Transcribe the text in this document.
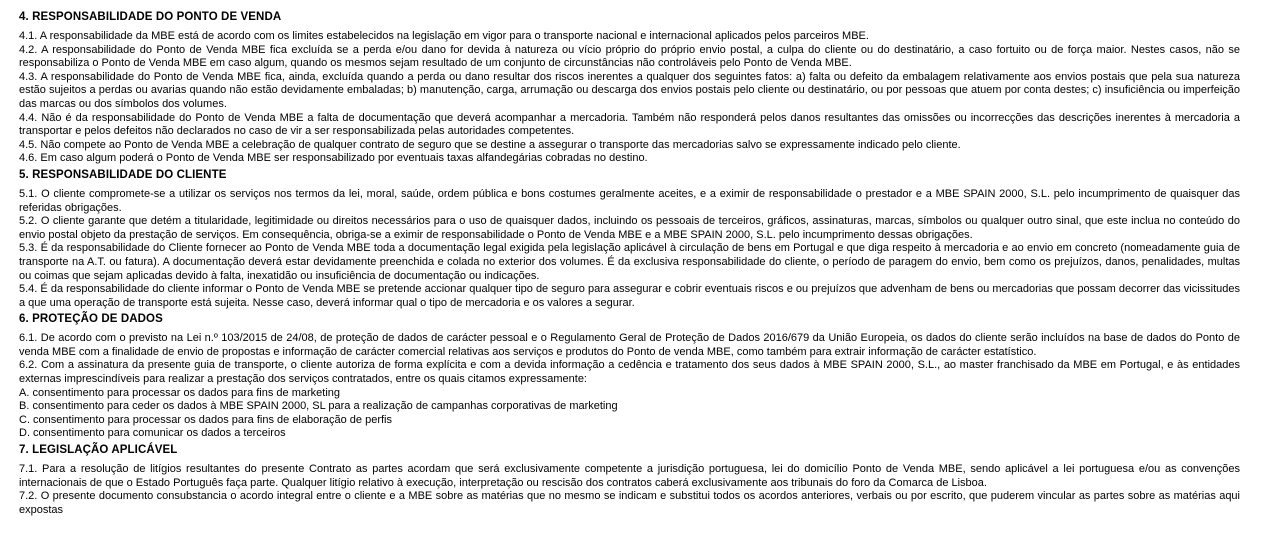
4. RESPONSABILIDADE DO PONTO DE VENDA

4.1. A responsabilidade da MBE está de acordo com os limites estabelecidos na legislação em vigor para o transporte nacional e internacional aplicados pelos parceiros MBE.

4.2. A responsabilidade do Ponto de Venda MBE fica excluída se a perda e/ou dano for devida à natureza ou vício próprio do próprio envio postal, a culpa do cliente ou do destinatário, a caso fortuito ou de força maior. Nestes casos, não se responsabiliza o Ponto de Venda MBE em caso algum, quando os mesmos sejam resultado de um conjunto de circunstâncias não controláveis pelo Ponto de Venda MBE.

4.3. A responsabilidade do Ponto de Venda MBE fica, ainda, excluída quando a perda ou dano resultar dos riscos inerentes a qualquer dos seguintes fatos: a) falta ou defeito da embalagem relativamente aos envios postais que pela sua natureza estão sujeitos a perdas ou avarias quando não estão devidamente embaladas; b) manutenção, carga, arrumação ou descarga dos envios postais pelo cliente ou destinatário, ou por pessoas que atuem por conta destes; c) insuficiência ou imperfeição das marcas ou dos símbolos dos volumes.

4.4. Não é da responsabilidade do Ponto de Venda MBE a falta de documentação que deverá acompanhar a mercadoria. Também não responderá pelos danos resultantes das omissões ou incorrecções das descrições inerentes à mercadoria a transportar e pelos defeitos não declarados no caso de vir a ser responsabilizada pelas autoridades competentes.

4.5. Não compete ao Ponto de Venda MBE a celebração de qualquer contrato de seguro que se destine a assegurar o transporte das mercadorias salvo se expressamente indicado pelo cliente.

4.6. Em caso algum poderá o Ponto de Venda MBE ser responsabilizado por eventuais taxas alfandegárias cobradas no destino.

5. RESPONSABILIDADE DO CLIENTE

5.1. O cliente compromete-se a utilizar os serviços nos termos da lei, moral, saúde, ordem pública e bons costumes geralmente aceites, e a eximir de responsabilidade o prestador e a MBE SPAIN 2000, S.L. pelo incumprimento de quaisquer das referidas obrigações.

5.2. O cliente garante que detém a titularidade, legitimidade ou direitos necessários para o uso de quaisquer dados, incluindo os pessoais de terceiros, gráficos, assinaturas, marcas, símbolos ou qualquer outro sinal, que este inclua no conteúdo do envio postal objeto da prestação de serviços. Em consequência, obriga-se a eximir de responsabilidade o Ponto de Venda MBE e a MBE SPAIN 2000, S.L. pelo incumprimento dessas obrigações.

5.3. É da responsabilidade do Cliente fornecer ao Ponto de Venda MBE toda a documentação legal exigida pela legislação aplicável à circulação de bens em Portugal e que diga respeito à mercadoria e ao envio em concreto (nomeadamente guia de transporte na A.T. ou fatura). A documentação deverá estar devidamente preenchida e colada no exterior dos volumes. É da exclusiva responsabilidade do cliente, o período de paragem do envio, bem como os prejuízos, danos, penalidades, multas ou coimas que sejam aplicadas devido à falta, inexatidão ou insuficiência de documentação ou indicações.

5.4. É da responsabilidade do cliente informar o Ponto de Venda MBE se pretende accionar qualquer tipo de seguro para assegurar e cobrir eventuais riscos e ou prejuízos que advenham de bens ou mercadorias que possam decorrer das vicissitudes a que uma operação de transporte está sujeita. Nesse caso, deverá informar qual o tipo de mercadoria e os valores a segurar.

6. PROTEÇÃO DE DADOS

6.1. De acordo com o previsto na Lei n.º 103/2015 de 24/08, de proteção de dados de carácter pessoal e o Regulamento Geral de Proteção de Dados 2016/679 da União Europeia, os dados do cliente serão incluídos na base de dados do Ponto de venda MBE com a finalidade de envio de propostas e informação de carácter comercial relativas aos serviços e produtos do Ponto de venda MBE, como também para extrair informação de carácter estatístico.

6.2. Com a assinatura da presente guia de transporte, o cliente autoriza de forma explícita e com a devida informação a cedência e tratamento dos seus dados à MBE SPAIN 2000, S.L., ao master franchisado da MBE em Portugal, e às entidades externas imprescindíveis para realizar a prestação dos serviços contratados, entre os quais citamos expressamente:

A. consentimento para processar os dados para fins de marketing

B. consentimento para ceder os dados à MBE SPAIN 2000, SL para a realização de campanhas corporativas de marketing

C. consentimento para processar os dados para fins de elaboração de perfis

D. consentimento para comunicar os dados a terceiros

7. LEGISLAÇÃO APLICÁVEL

7.1. Para a resolução de litígios resultantes do presente Contrato as partes acordam que será exclusivamente competente a jurisdição portuguesa, lei do domicílio Ponto de Venda MBE, sendo aplicável a lei portuguesa e/ou as convenções internacionais de que o Estado Português faça parte. Qualquer litígio relativo à execução, interpretação ou rescisão dos contratos caberá exclusivamente aos tribunais do foro da Comarca de Lisboa.

7.2. O presente documento consubstancia o acordo integral entre o cliente e a MBE sobre as matérias que no mesmo se indicam e substitui todos os acordos anteriores, verbais ou por escrito, que puderem vincular as partes sobre as matérias aqui expostas
